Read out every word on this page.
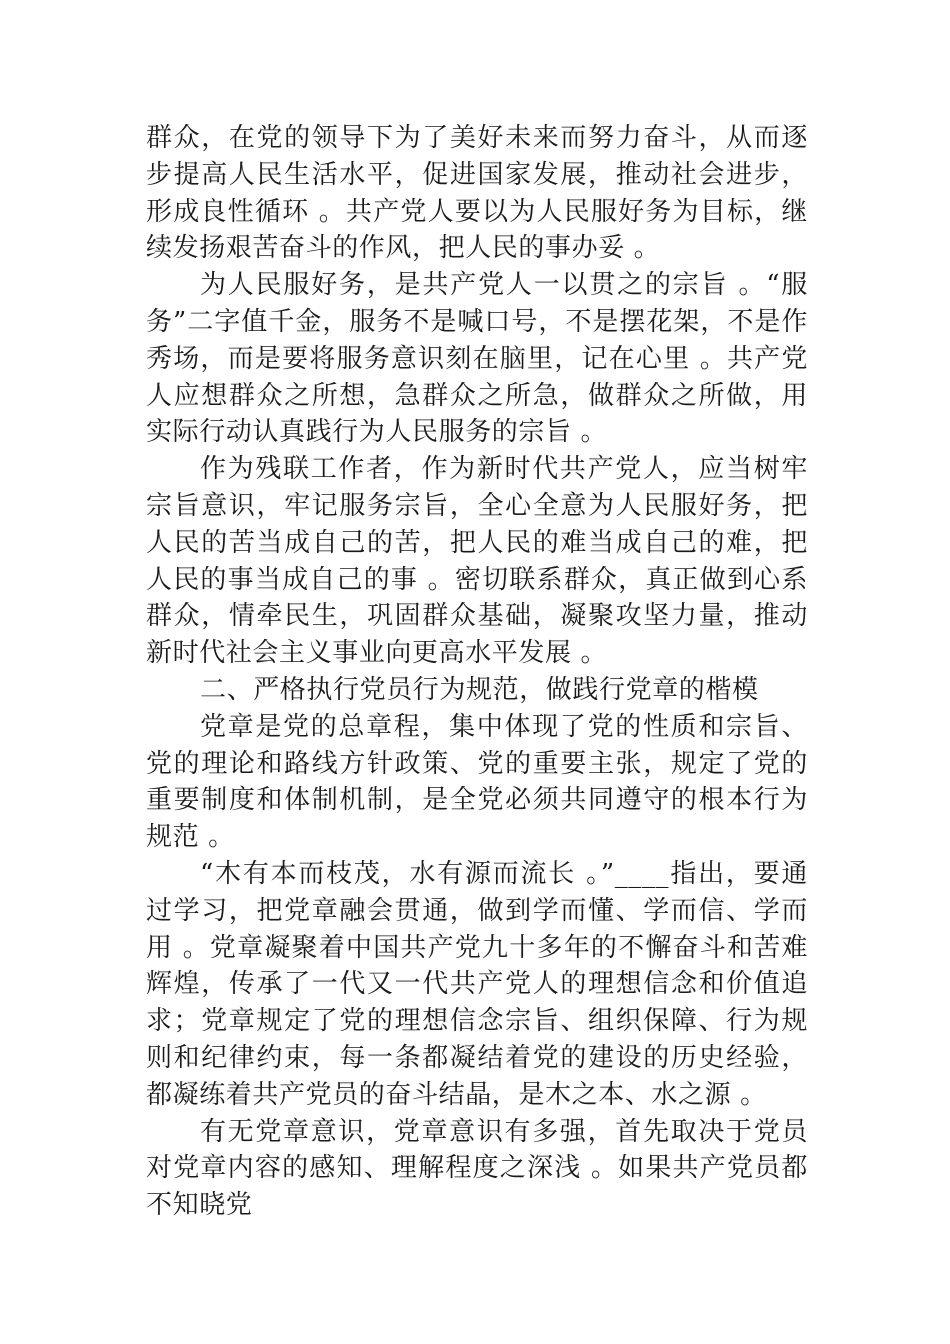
群众，在党的领导下为了美好未来而努力奋斗，从而逐步提高人民生活水平，促进国家发展，推动社会进步，形成良性循环 。共产党人要以为人民服好务为目标，继续发扬艰苦奋斗的作风，把人民的事办妥 。

为人民服好务，是共产党人一以贯之的宗旨 。“服务”二字值千金，服务不是喊口号，不是摆花架，不是作秀场，而是要将服务意识刻在脑里，记在心里 。共产党人应想群众之所想，急群众之所急，做群众之所做，用实际行动认真践行为人民服务的宗旨 。

作为残联工作者，作为新时代共产党人，应当树牢宗旨意识，牢记服务宗旨，全心全意为人民服好务，把人民的苦当成自己的苦，把人民的难当成自己的难，把人民的事当成自己的事 。密切联系群众，真正做到心系群众，情牵民生，巩固群众基础，凝聚攻坚力量，推动新时代社会主义事业向更高水平发展 。

二、严格执行党员行为规范，做践行党章的楷模

党章是党的总章程，集中体现了党的性质和宗旨、党的理论和路线方针政策、党的重要主张，规定了党的重要制度和体制机制，是全党必须共同遵守的根本行为规范 。

“木有本而枝茂，水有源而流长 。”____指出，要通过学习，把党章融会贯通，做到学而懂、学而信、学而用 。党章凝聚着中国共产党九十多年的不懈奋斗和苦难辉煌，传承了一代又一代共产党人的理想信念和价值追求；党章规定了党的理想信念宗旨、组织保障、行为规则和纪律约束，每一条都凝结着党的建设的历史经验，都凝练着共产党员的奋斗结晶，是木之本、水之源 。

有无党章意识，党章意识有多强，首先取决于党员对党章内容的感知、理解程度之深浅 。如果共产党员都不知晓党
